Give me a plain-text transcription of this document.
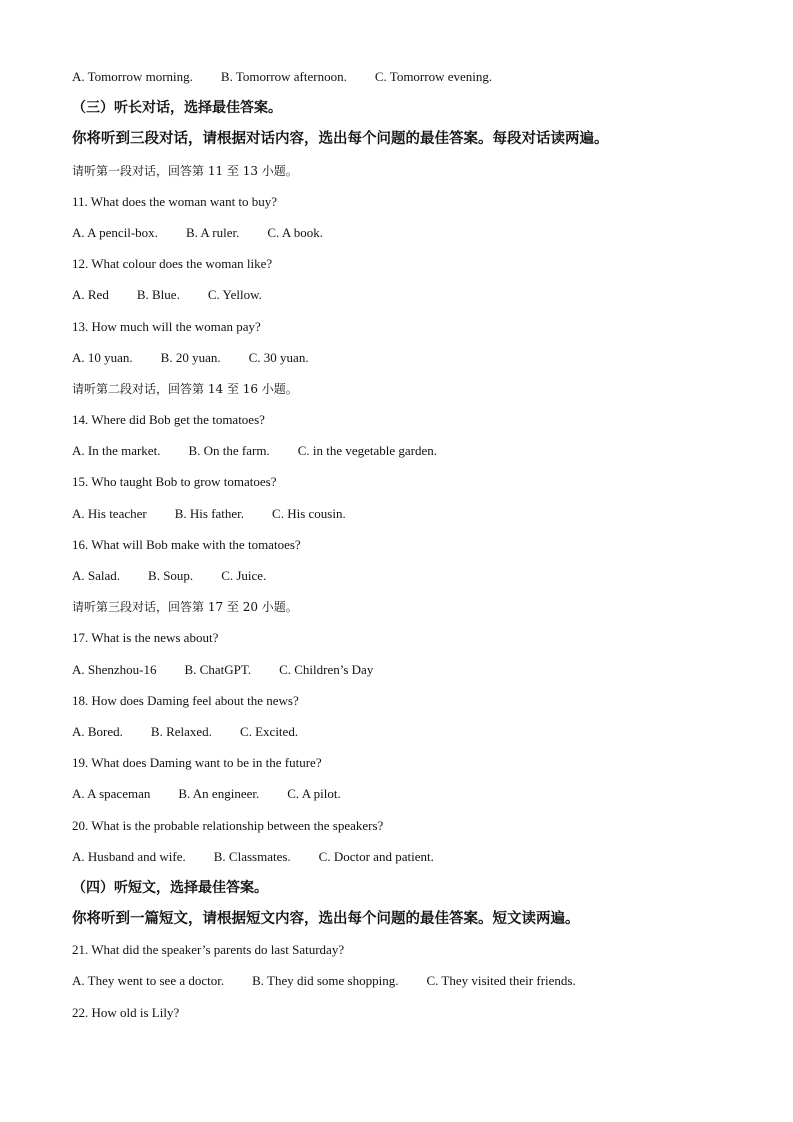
A. Tomorrow morning. B. Tomorrow afternoon. C. Tomorrow evening.
（三）听长对话，选择最佳答案。
你将听到三段对话，请根据对话内容，选出每个问题的最佳答案。每段对话读两遍。
请听第一段对话，回答第 11 至 13 小题。
11. What does the woman want to buy?
A. A pencil-box. B. A ruler. C. A book.
12. What colour does the woman like?
A. Red B. Blue. C. Yellow.
13. How much will the woman pay?
A. 10 yuan. B. 20 yuan. C. 30 yuan.
请听第二段对话，回答第 14 至 16 小题。
14. Where did Bob get the tomatoes?
A. In the market. B. On the farm. C. in the vegetable garden.
15. Who taught Bob to grow tomatoes?
A. His teacher B. His father. C. His cousin.
16. What will Bob make with the tomatoes?
A. Salad. B. Soup. C. Juice.
请听第三段对话，回答第 17 至 20 小题。
17. What is the news about?
A. Shenzhou-16 B. ChatGPT. C. Children’s Day
18. How does Daming feel about the news?
A. Bored. B. Relaxed. C. Excited.
19. What does Daming want to be in the future?
A. A spaceman B. An engineer. C. A pilot.
20. What is the probable relationship between the speakers?
A. Husband and wife. B. Classmates. C. Doctor and patient.
（四）听短文，选择最佳答案。
你将听到一篇短文，请根据短文内容，选出每个问题的最佳答案。短文读两遍。
21. What did the speaker’s parents do last Saturday?
A. They went to see a doctor. B. They did some shopping. C. They visited their friends.
22. How old is Lily?
